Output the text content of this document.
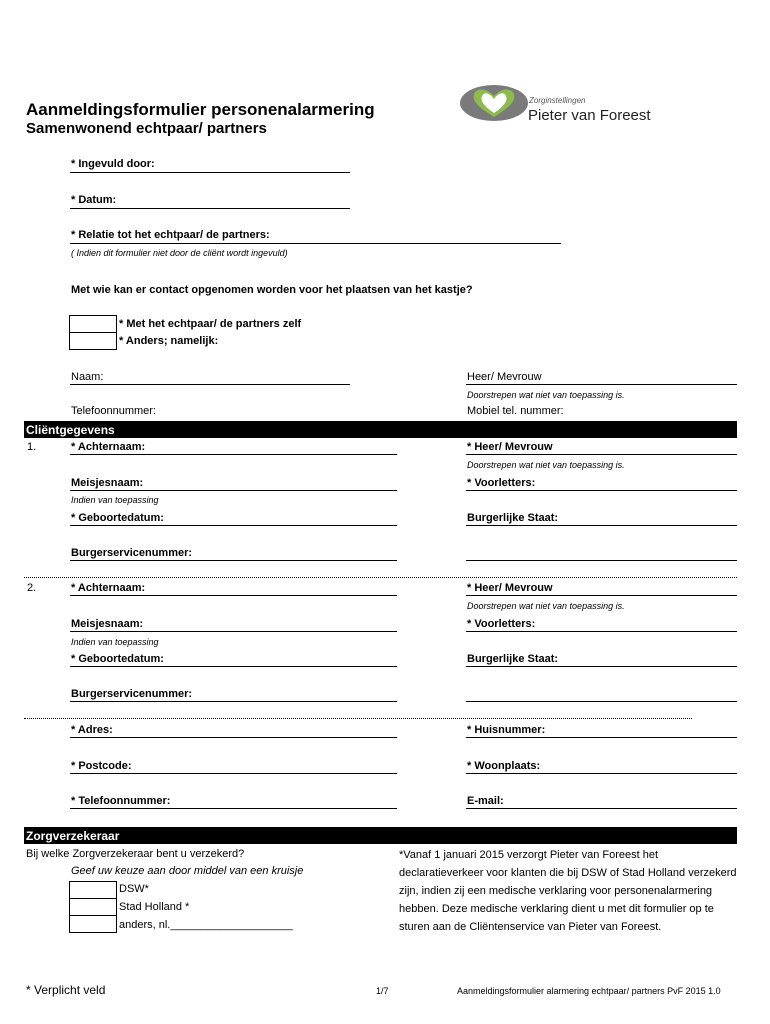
Aanmeldingsformulier personenalarmering
Samenwonend echtpaar/ partners
Zorginstellingen
Pieter van Foreest
* Ingevuld door:
* Datum:
* Relatie tot het echtpaar/ de partners:
( Indien dit formulier niet door de cliënt wordt ingevuld)
Met wie kan er contact opgenomen worden voor het plaatsen van het kastje?
* Met het echtpaar/ de partners zelf
* Anders; namelijk:
Naam:	Heer/ Mevrouw
Doorstrepen wat niet van toepassing is.
Telefoonnummer:	Mobiel tel. nummer:
Cliëntgegevens
1.	* Achternaam:	* Heer/ Mevrouw
Doorstrepen wat niet van toepassing is.
Meisjesnaam:	* Voorletters:
Indien van toepassing
* Geboortedatum:	Burgerlijke Staat:
Burgerservicenummer:
2.	* Achternaam:	* Heer/ Mevrouw
Doorstrepen wat niet van toepassing is.
Meisjesnaam:	* Voorletters:
Indien van toepassing
* Geboortedatum:	Burgerlijke Staat:
Burgerservicenummer:
* Adres:	* Huisnummer:
* Postcode:	* Woonplaats:
* Telefoonnummer:	E-mail:
Zorgverzekeraar
Bij welke Zorgverzekeraar bent u verzekerd?
Geef uw keuze aan door middel van een kruisje
DSW*
Stad Holland *
anders, nl.____________________
*Vanaf 1 januari 2015 verzorgt Pieter van Foreest het declaratieverkeer voor klanten die bij DSW of Stad Holland verzekerd zijn, indien zij een medische verklaring voor personenalarmering hebben. Deze medische verklaring dient u met dit formulier op te sturen aan de Cliëntenservice van Pieter van Foreest.
* Verplicht veld	1/7	Aanmeldingsformulier alarmering echtpaar/ partners PvF 2015 1.0
